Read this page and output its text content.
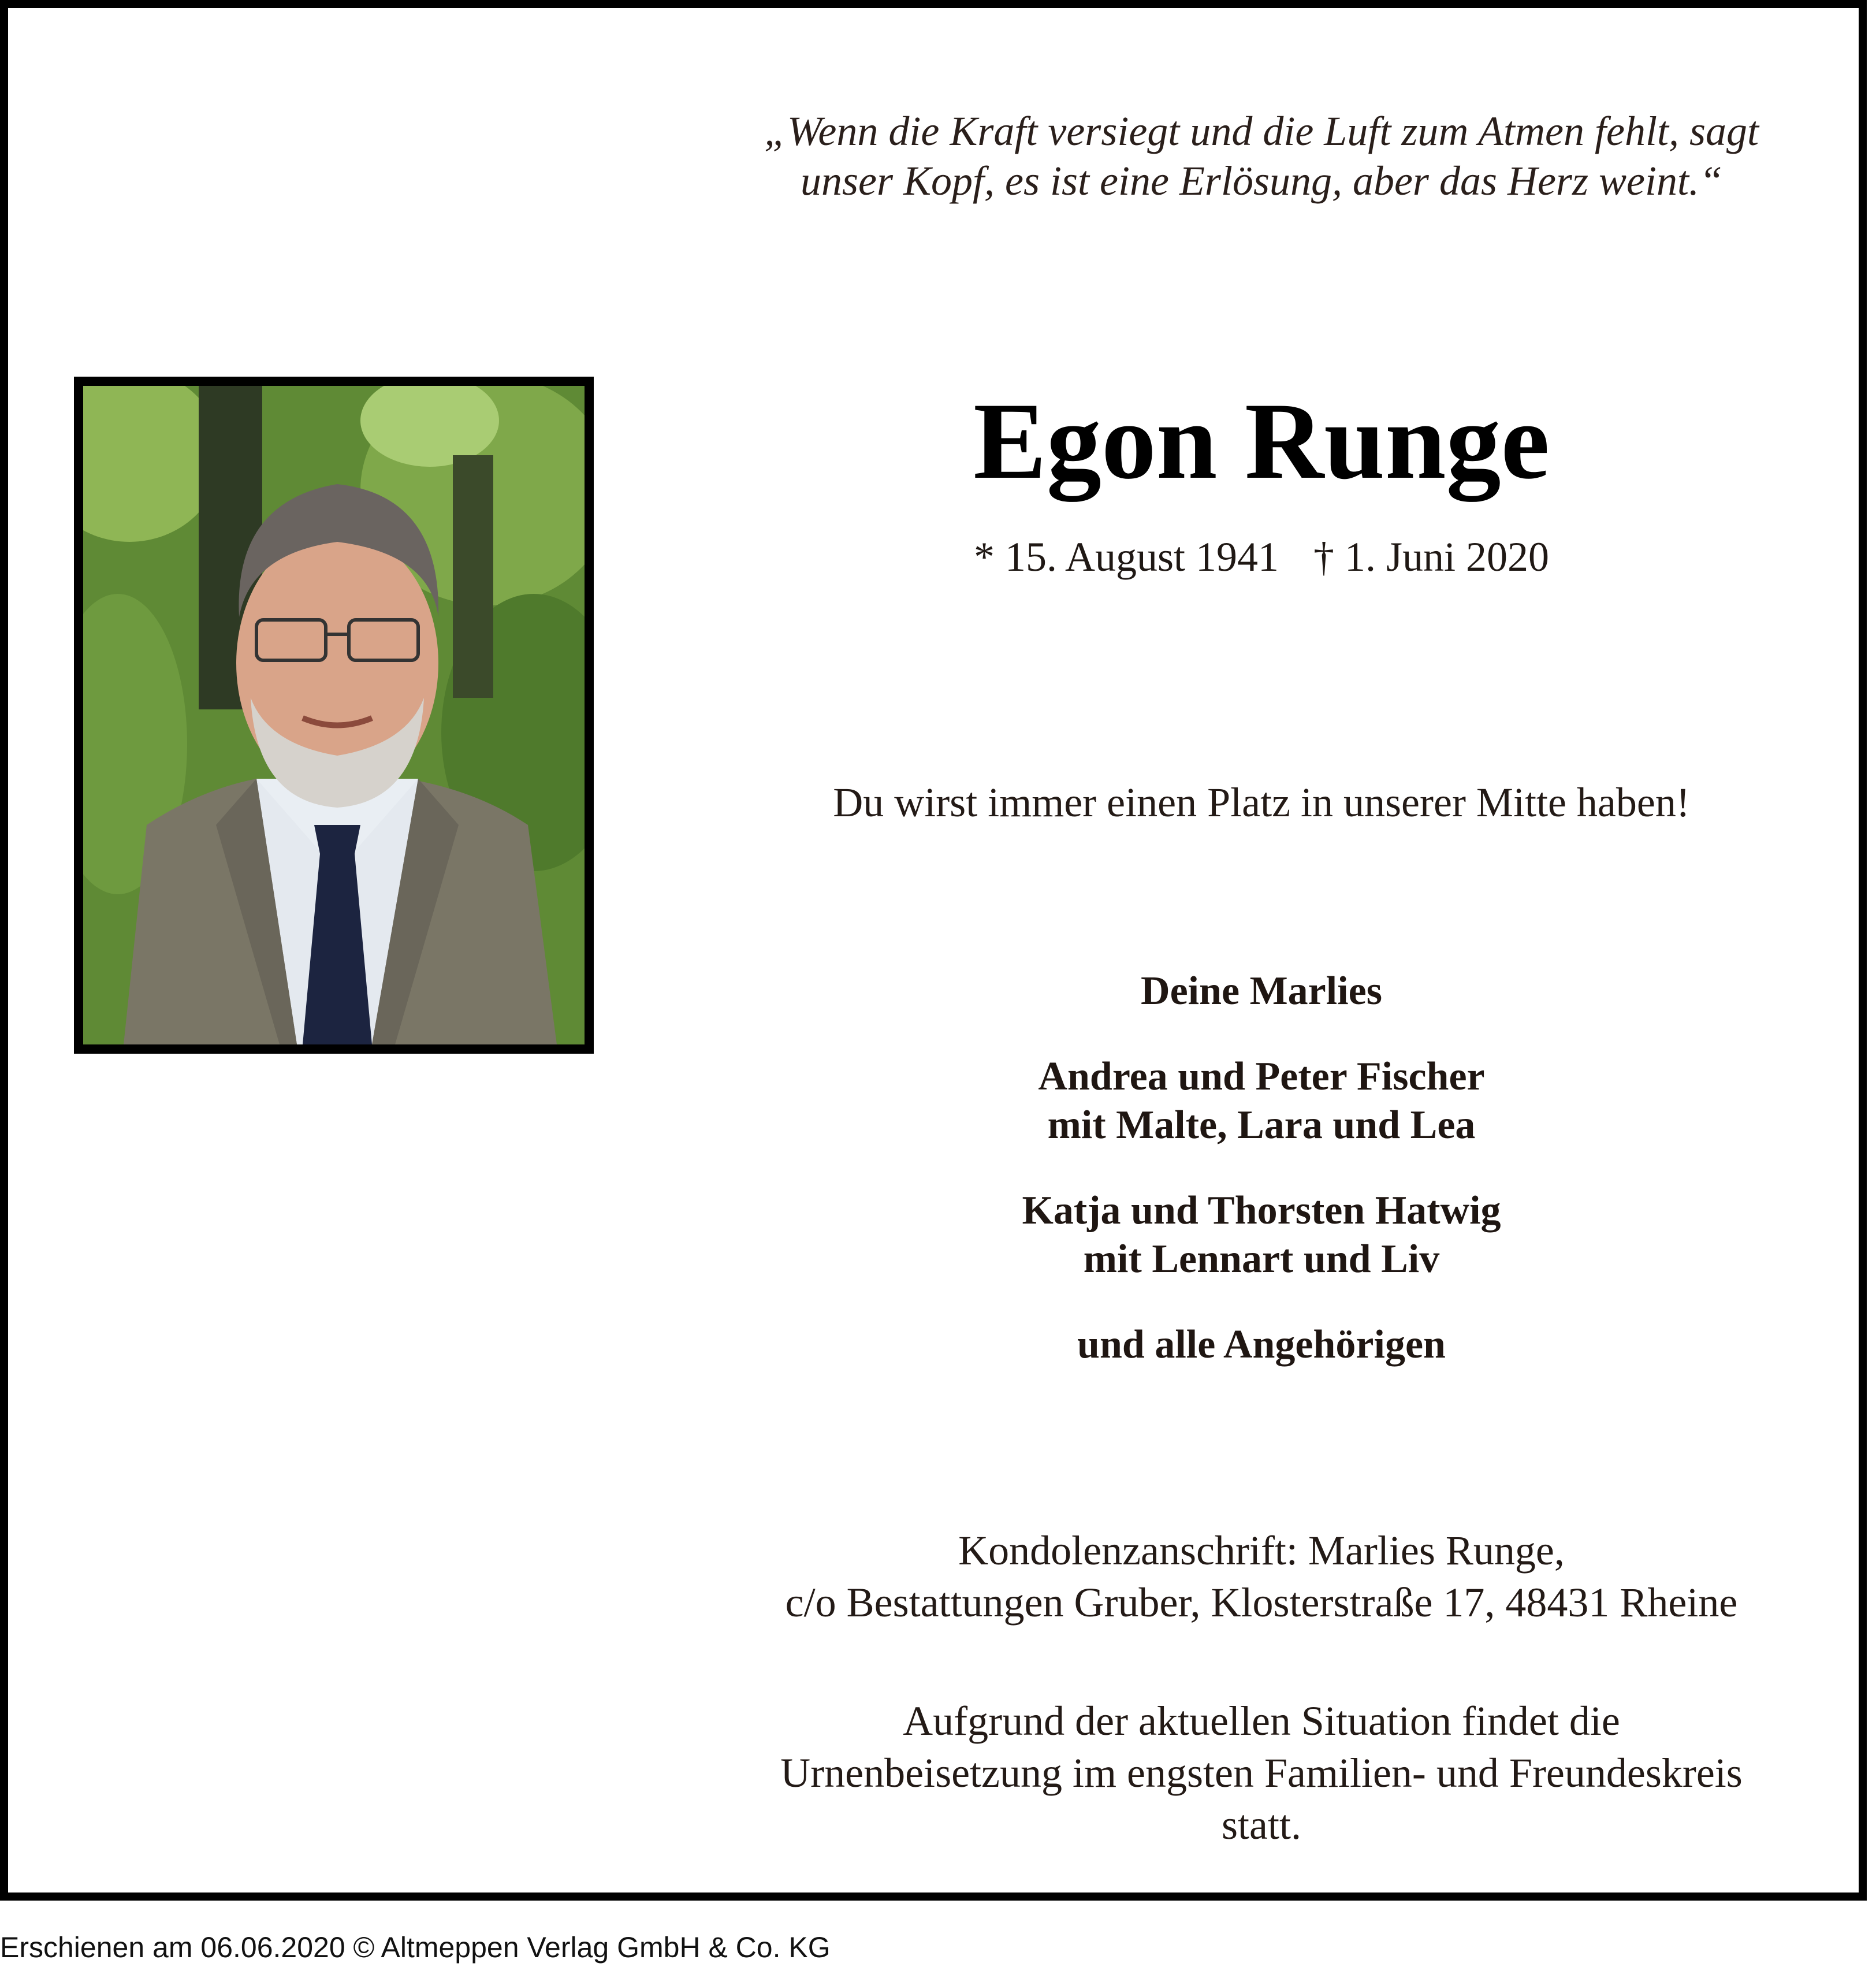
„Wenn die Kraft versiegt und die Luft zum Atmen fehlt, sagt
unser Kopf, es ist eine Erlösung, aber das Herz weint.“
Egon Runge
* 15. August 1941 † 1. Juni 2020
Du wirst immer einen Platz in unserer Mitte haben!
Deine Marlies
Andrea und Peter Fischer
mit Malte, Lara und Lea
Katja und Thorsten Hatwig
mit Lennart und Liv
und alle Angehörigen
Kondolenzanschrift: Marlies Runge,
c/o Bestattungen Gruber, Klosterstraße 17, 48431 Rheine
Aufgrund der aktuellen Situation findet die
Urnenbeisetzung im engsten Familien- und Freundeskreis
statt.
Erschienen am 06.06.2020 © Altmeppen Verlag GmbH & Co. KG
